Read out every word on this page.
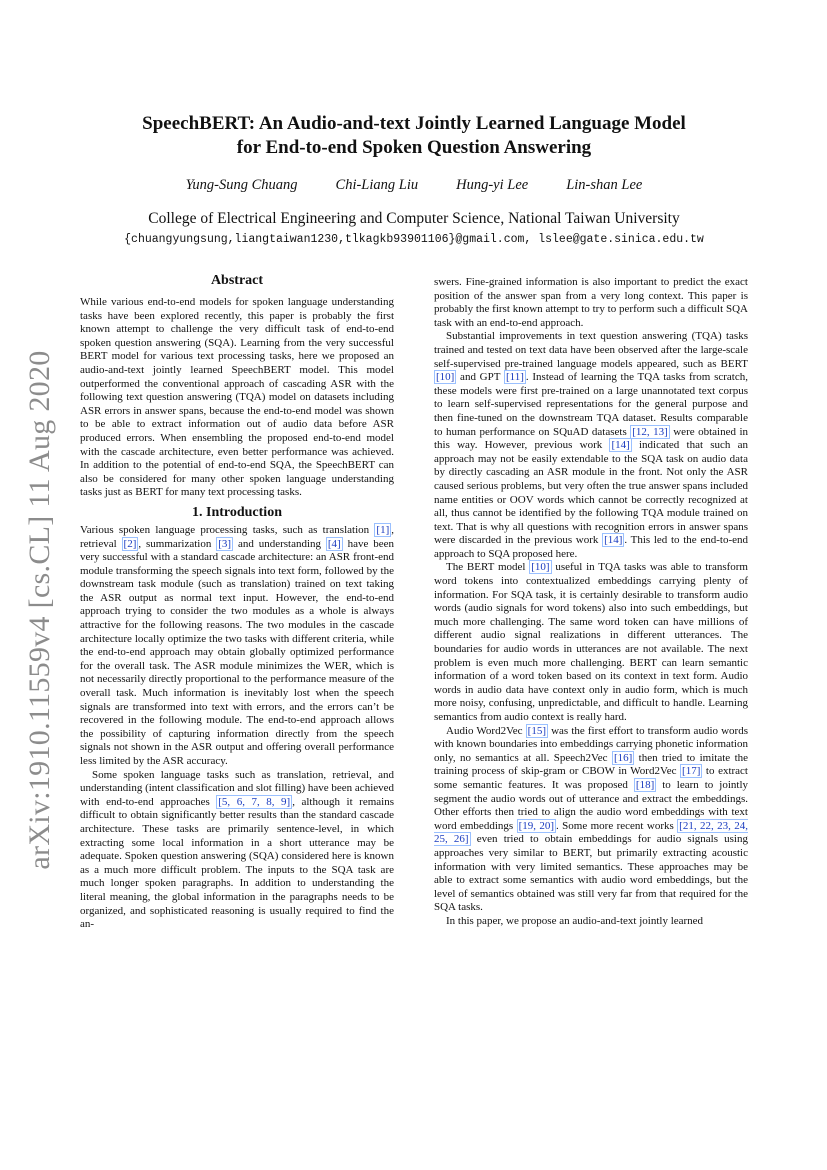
arXiv:1910.11559v4 [cs.CL] 11 Aug 2020
SpeechBERT: An Audio-and-text Jointly Learned Language Model
for End-to-end Spoken Question Answering
Yung-Sung Chuang	Chi-Liang Liu	Hung-yi Lee	Lin-shan Lee
College of Electrical Engineering and Computer Science, National Taiwan University
{chuangyungsung,liangtaiwan1230,tlkagkb93901106}@gmail.com, lslee@gate.sinica.edu.tw
Abstract

While various end-to-end models for spoken language understanding tasks have been explored recently, this paper is probably the first known attempt to challenge the very difficult task of end-to-end spoken question answering (SQA). Learning from the very successful BERT model for various text processing tasks, here we proposed an audio-and-text jointly learned SpeechBERT model. This model outperformed the conventional approach of cascading ASR with the following text question answering (TQA) model on datasets including ASR errors in answer spans, because the end-to-end model was shown to be able to extract information out of audio data before ASR produced errors. When ensembling the proposed end-to-end model with the cascade architecture, even better performance was achieved. In addition to the potential of end-to-end SQA, the SpeechBERT can also be considered for many other spoken language understanding tasks just as BERT for many text processing tasks.

1. Introduction

Various spoken language processing tasks, such as translation [1] , retrieval [2] , summarization [3] and understanding [4] have been very successful with a standard cascade architecture: an ASR front-end module transforming the speech signals into text form, followed by the downstream task module (such as translation) trained on text taking the ASR output as normal text input. However, the end-to-end approach trying to consider the two modules as a whole is always attractive for the following reasons. The two modules in the cascade architecture locally optimize the two tasks with different criteria, while the end-to-end approach may obtain globally optimized performance for the overall task. The ASR module minimizes the WER, which is not necessarily directly proportional to the performance measure of the overall task. Much information is inevitably lost when the speech signals are transformed into text with errors, and the errors can’t be recovered in the following module. The end-to-end approach allows the possibility of capturing information directly from the speech signals not shown in the ASR output and offering overall performance less limited by the ASR accuracy.

Some spoken language tasks such as translation, retrieval, and understanding (intent classification and slot filling) have been achieved with end-to-end approaches [5, 6, 7, 8, 9] , although it remains difficult to obtain significantly better results than the standard cascade architecture. These tasks are primarily sentence-level, in which extracting some local information in a short utterance may be adequate. Spoken question answering (SQA) considered here is known as a much more difficult problem. The inputs to the SQA task are much longer spoken paragraphs. In addition to understanding the literal meaning, the global information in the paragraphs needs to be organized, and sophisticated reasoning is usually required to find the an-

swers. Fine-grained information is also important to predict the exact position of the answer span from a very long context. This paper is probably the first known attempt to try to perform such a difficult SQA task with an end-to-end approach.

Substantial improvements in text question answering (TQA) tasks trained and tested on text data have been observed after the large-scale self-supervised pre-trained language models appeared, such as BERT [10] and GPT [11] . Instead of learning the TQA tasks from scratch, these models were first pre-trained on a large unannotated text corpus to learn self-supervised representations for the general purpose and then fine-tuned on the downstream TQA dataset. Results comparable to human performance on SQuAD datasets [12, 13] were obtained in this way. However, previous work [14] indicated that such an approach may not be easily extendable to the SQA task on audio data by directly cascading an ASR module in the front. Not only the ASR caused serious problems, but very often the true answer spans included name entities or OOV words which cannot be correctly recognized at all, thus cannot be identified by the following TQA module trained on text. That is why all questions with recognition errors in answer spans were discarded in the previous work [14] . This led to the end-to-end approach to SQA proposed here.

The BERT model [10] useful in TQA tasks was able to transform word tokens into contextualized embeddings carrying plenty of information. For SQA task, it is certainly desirable to transform audio words (audio signals for word tokens) also into such embeddings, but much more challenging. The same word token can have millions of different audio signal realizations in different utterances. The boundaries for audio words in utterances are not available. The next problem is even much more challenging. BERT can learn semantic information of a word token based on its context in text form. Audio words in audio data have context only in audio form, which is much more noisy, confusing, unpredictable, and difficult to handle. Learning semantics from audio context is really hard.

Audio Word2Vec [15] was the first effort to transform audio words with known boundaries into embeddings carrying phonetic information only, no semantics at all. Speech2Vec [16] then tried to imitate the training process of skip-gram or CBOW in Word2Vec [17] to extract some semantic features. It was proposed [18] to learn to jointly segment the audio words out of utterance and extract the embeddings. Other efforts then tried to align the audio word embeddings with text word embeddings [19, 20] . Some more recent works [21, 22, 23, 24, 25, 26] even tried to obtain embeddings for audio signals using approaches very similar to BERT, but primarily extracting acoustic information with very limited semantics. These approaches may be able to extract some semantics with audio word embeddings, but the level of semantics obtained was still very far from that required for the SQA tasks.

In this paper, we propose an audio-and-text jointly learned
